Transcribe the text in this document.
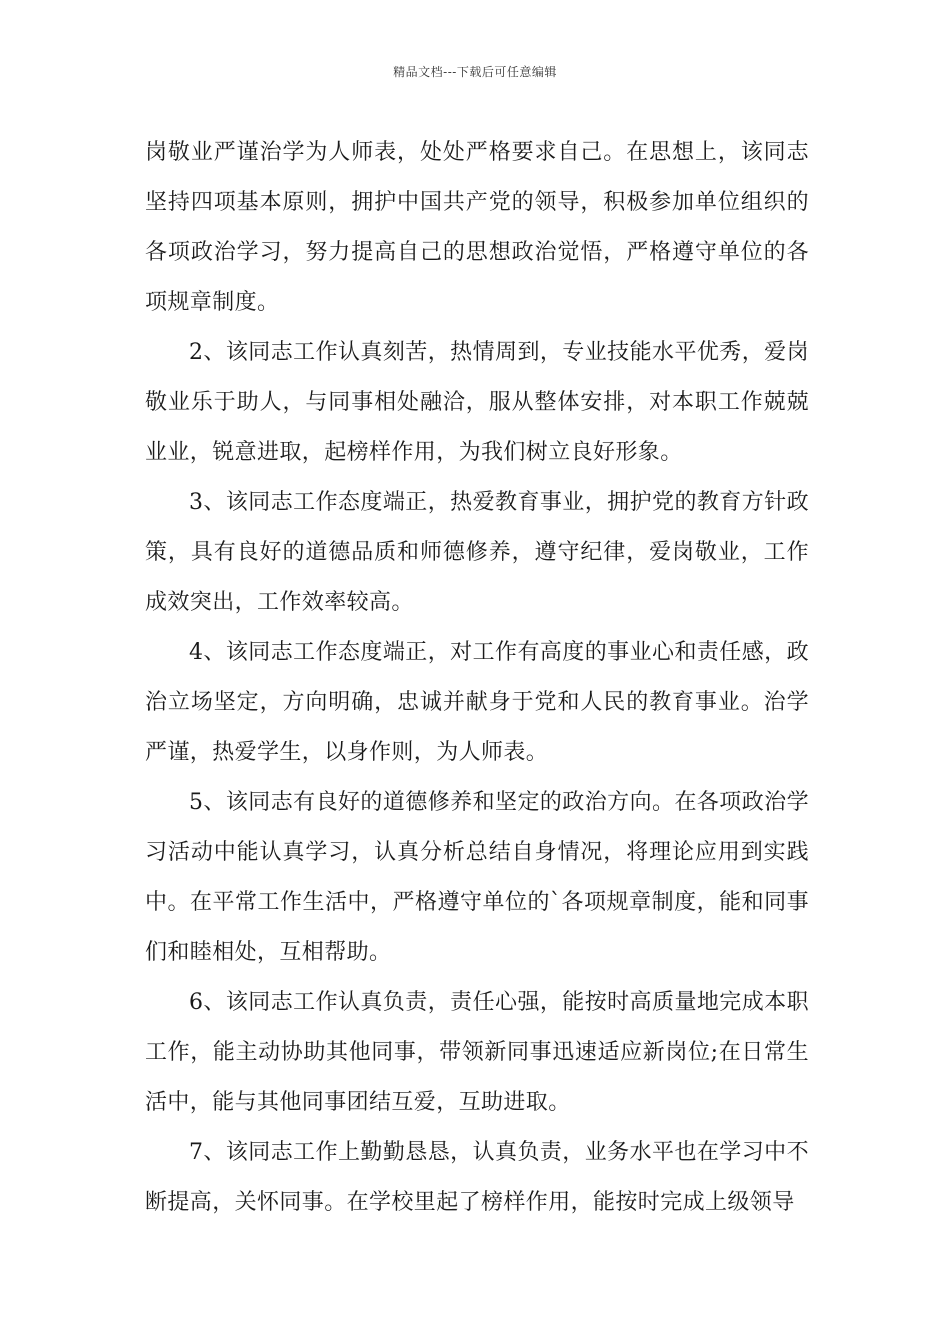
精品文档---下载后可任意编辑

岗敬业严谨治学为人师表，处处严格要求自己。在思想上，该同志坚持四项基本原则，拥护中国共产党的领导，积极参加单位组织的各项政治学习，努力提高自己的思想政治觉悟，严格遵守单位的各项规章制度。

2、该同志工作认真刻苦，热情周到，专业技能水平优秀，爱岗敬业乐于助人，与同事相处融洽，服从整体安排，对本职工作兢兢业业，锐意进取，起榜样作用，为我们树立良好形象。

3、该同志工作态度端正，热爱教育事业，拥护党的教育方针政策，具有良好的道德品质和师德修养，遵守纪律，爱岗敬业，工作成效突出，工作效率较高。

4、该同志工作态度端正，对工作有高度的事业心和责任感，政治立场坚定，方向明确，忠诚并献身于党和人民的教育事业。治学严谨，热爱学生，以身作则，为人师表。

5、该同志有良好的道德修养和坚定的政治方向。在各项政治学习活动中能认真学习，认真分析总结自身情况，将理论应用到实践中。在平常工作生活中，严格遵守单位的`各项规章制度，能和同事们和睦相处，互相帮助。

6、该同志工作认真负责，责任心强，能按时高质量地完成本职工作，能主动协助其他同事，带领新同事迅速适应新岗位;在日常生活中，能与其他同事团结互爱，互助进取。

7、该同志工作上勤勤恳恳，认真负责，业务水平也在学习中不断提高，关怀同事。在学校里起了榜样作用，能按时完成上级领导
